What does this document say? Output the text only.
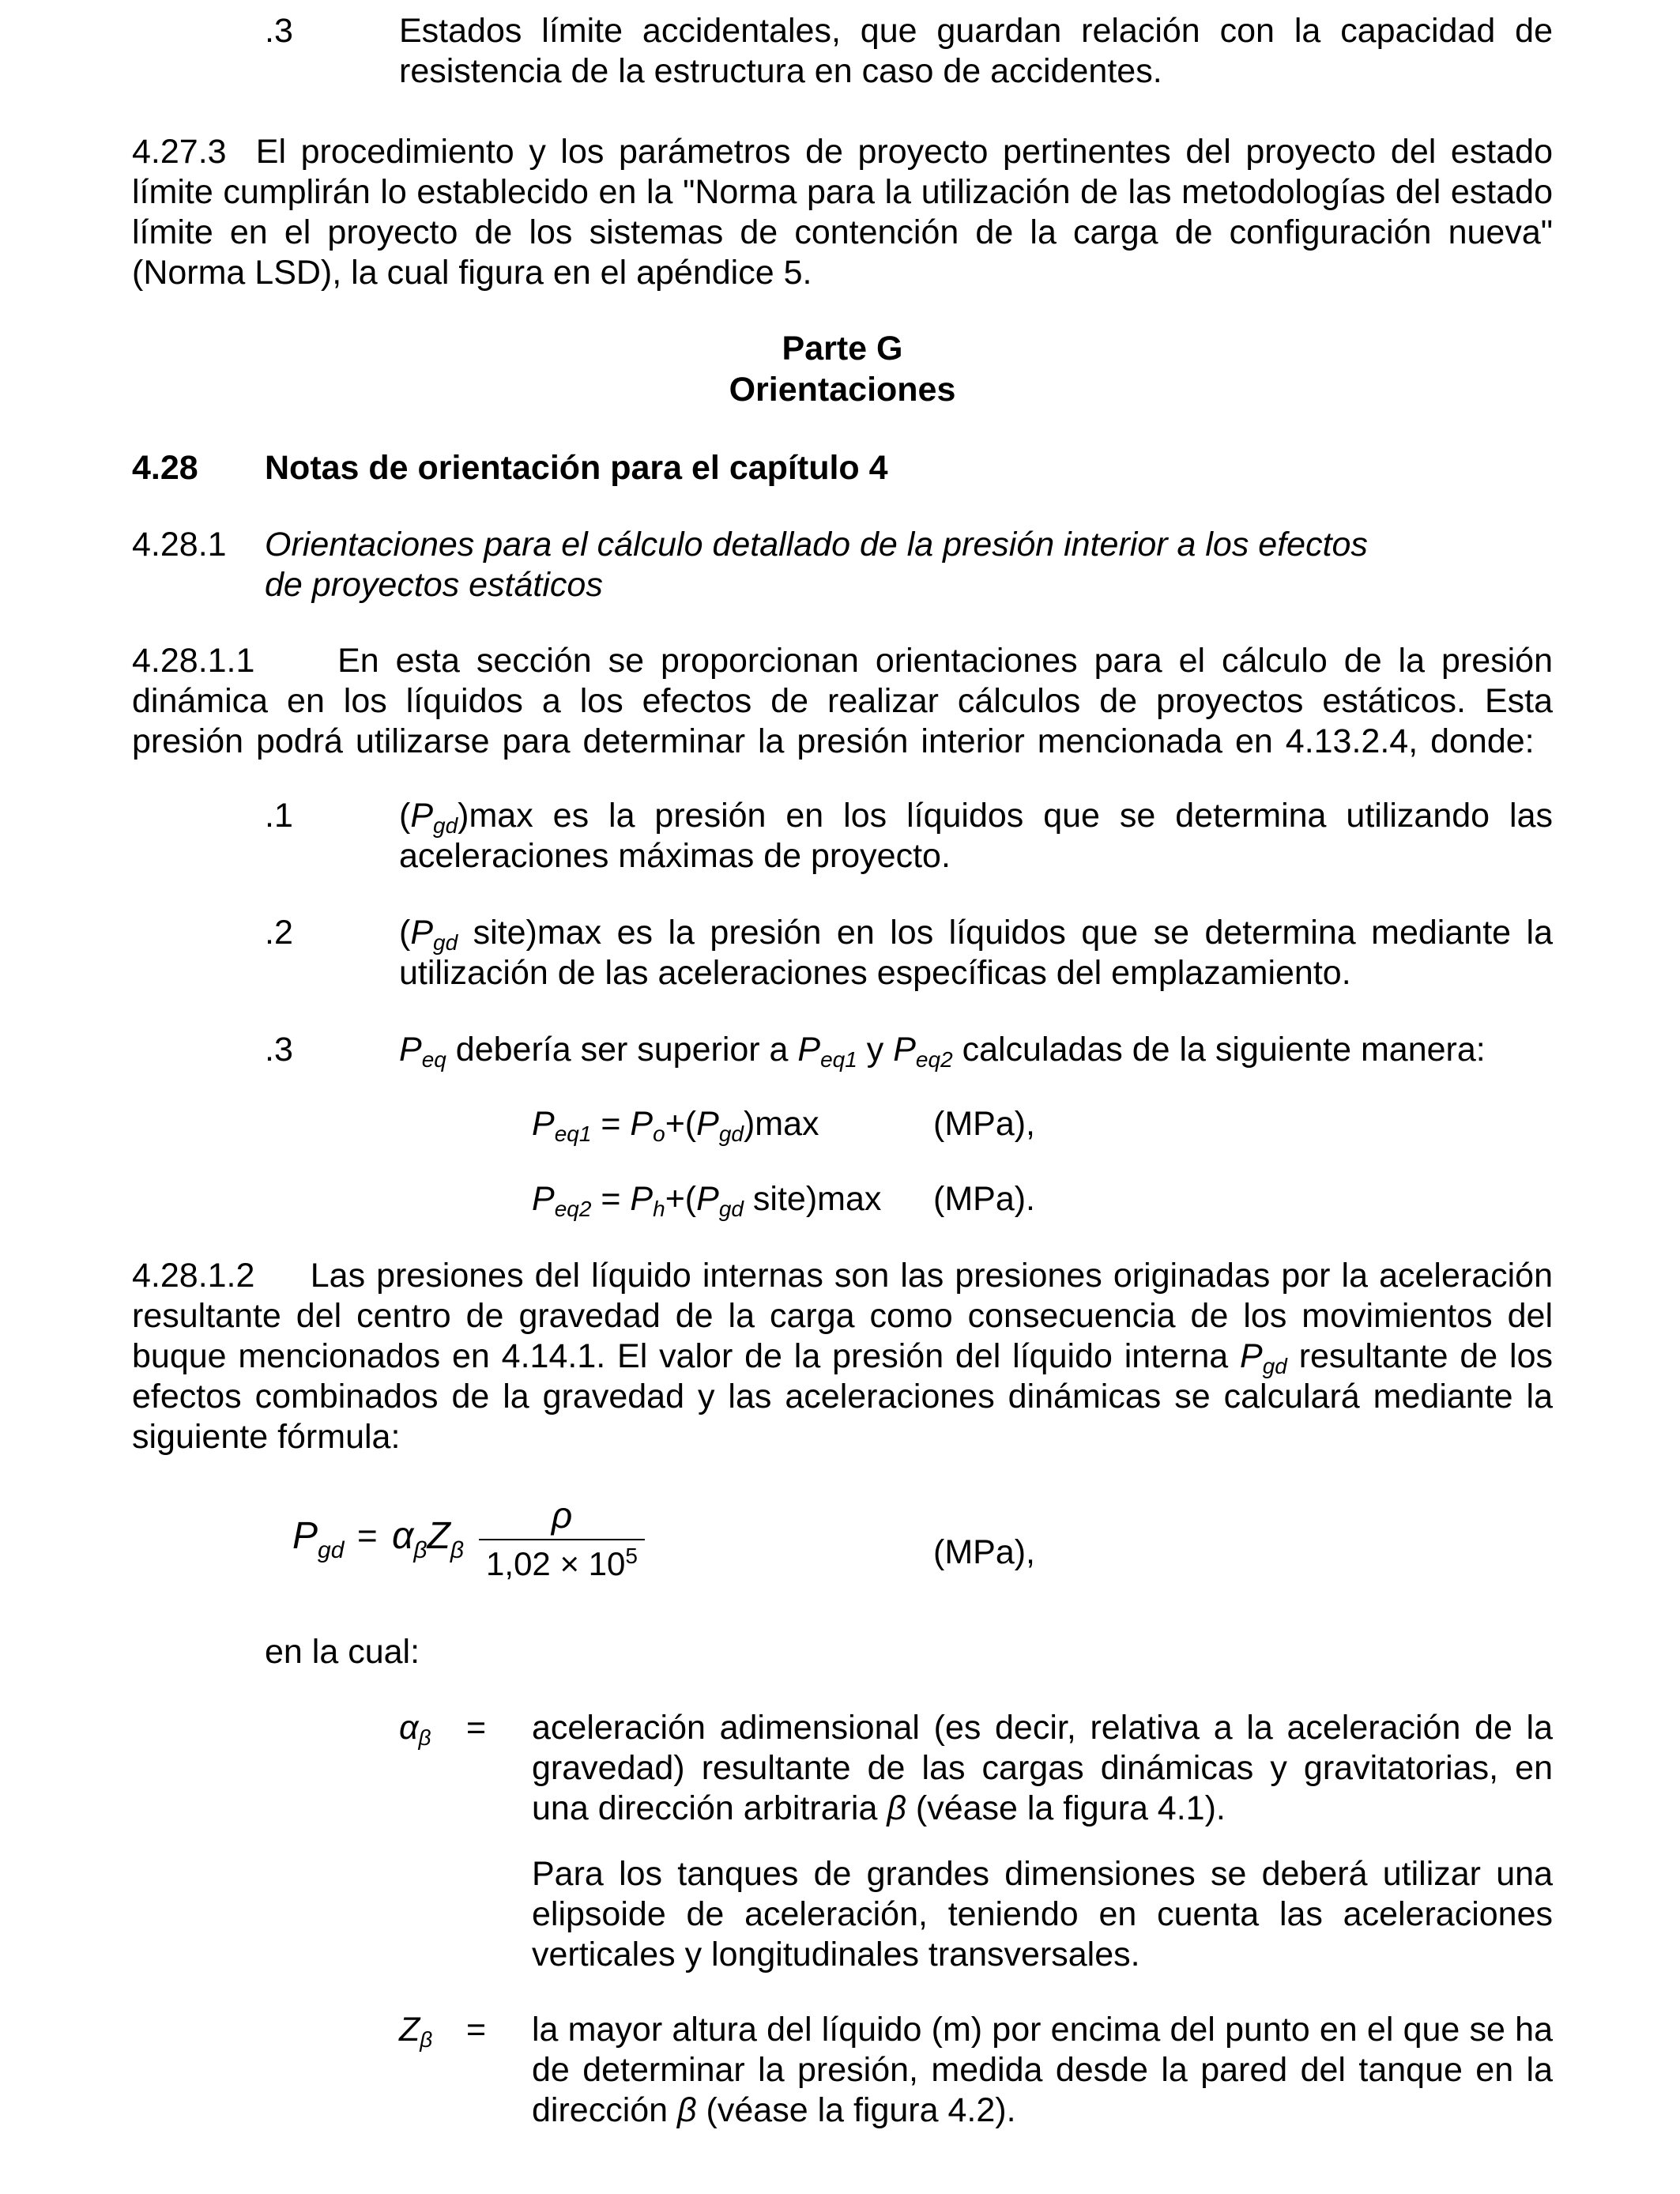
.3	Estados límite accidentales, que guardan relación con la capacidad de resistencia de la estructura en caso de accidentes.

4.27.3 El procedimiento y los parámetros de proyecto pertinentes del proyecto del estado límite cumplirán lo establecido en la "Norma para la utilización de las metodologías del estado límite en el proyecto de los sistemas de contención de la carga de configuración nueva" (Norma LSD), la cual figura en el apéndice 5.

Parte G
Orientaciones
4.28 Notas de orientación para el capítulo 4
4.28.1 Orientaciones para el cálculo detallado de la presión interior a los efectos
de proyectos estáticos

4.28.1.1 En esta sección se proporcionan orientaciones para el cálculo de la presión dinámica en los líquidos a los efectos de realizar cálculos de proyectos estáticos. Esta presión podrá utilizarse para determinar la presión interior mencionada en 4.13.2.4, donde:

.1	$(P_{gd})\max$ es la presión en los líquidos que se determina utilizando las aceleraciones máximas de proyecto.

.2	($P_{gd}$ site)max es la presión en los líquidos que se determina mediante la utilización de las aceleraciones específicas del emplazamiento.

.3	$P_{eq}$ debería ser superior a $P_{eq1}$ y $P_{eq2}$ calculadas de la siguiente manera:

$P_{eq1} = P_o+(P_{gd})\max$	(MPa),
$P_{eq2} = P_h+(P_{gd}$ site)max (MPa).

4.28.1.2 Las presiones del líquido internas son las presiones originadas por la aceleración resultante del centro de gravedad de la carga como consecuencia de los movimientos del buque mencionados en 4.14.1. El valor de la presión del líquido interna $P_{gd}$ resultante de los efectos combinados de la gravedad y las aceleraciones dinámicas se calculará mediante la siguiente fórmula:

$P_{gd} = \alpha_\beta Z_\beta$
ρ
$1,02 \times 10^5$	(MPa),
en la cual:
$\alpha_\beta$ = aceleración adimensional (es decir, relativa a la aceleración de la gravedad) resultante de las cargas dinámicas y gravitatorias, en una dirección arbitraria β (véase la figura 4.1).

Para los tanques de grandes dimensiones se deberá utilizar una elipsoide de aceleración, teniendo en cuenta las aceleraciones verticales y longitudinales transversales.

$Z_\beta$ = la mayor altura del líquido (m) por encima del punto en el que se ha de determinar la presión, medida desde la pared del tanque en la dirección β (véase la figura 4.2).
